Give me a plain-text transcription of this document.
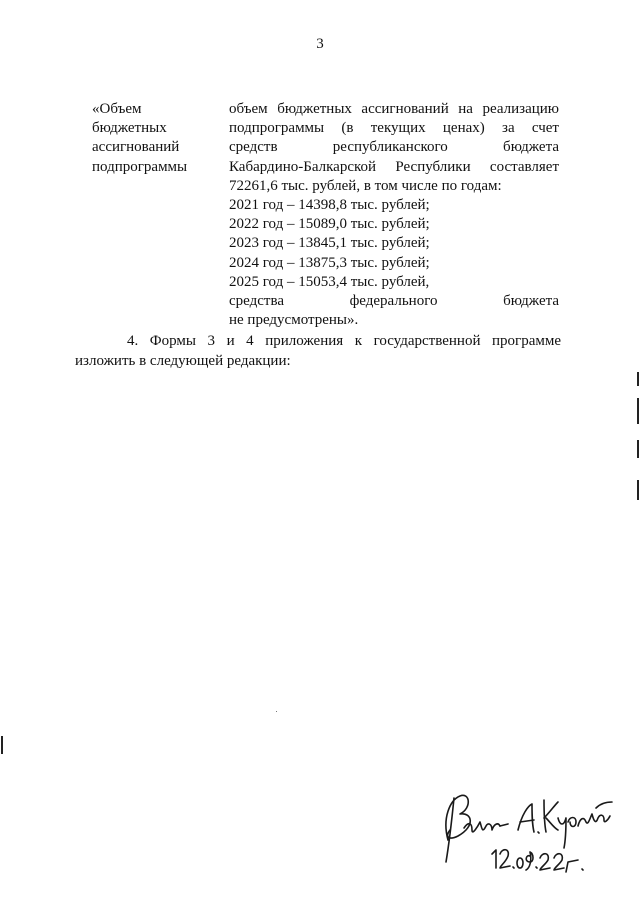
3
«Объем
бюджетных
ассигнований
подпрограммы
объем бюджетных ассигнований на реализацию
подпрограммы (в текущих ценах) за счет
средств республиканского бюджета
Кабардино-Балкарской Республики составляет
72261,6 тыс. рублей, в том числе по годам:
2021 год – 14398,8 тыс. рублей;
2022 год – 15089,0 тыс. рублей;
2023 год – 13845,1 тыс. рублей;
2024 год – 13875,3 тыс. рублей;
2025 год – 15053,4 тыс. рублей,
средства федерального бюджета
не предусмотрены».
4. Формы 3 и 4 приложения к государственной программе
изложить в следующей редакции:
